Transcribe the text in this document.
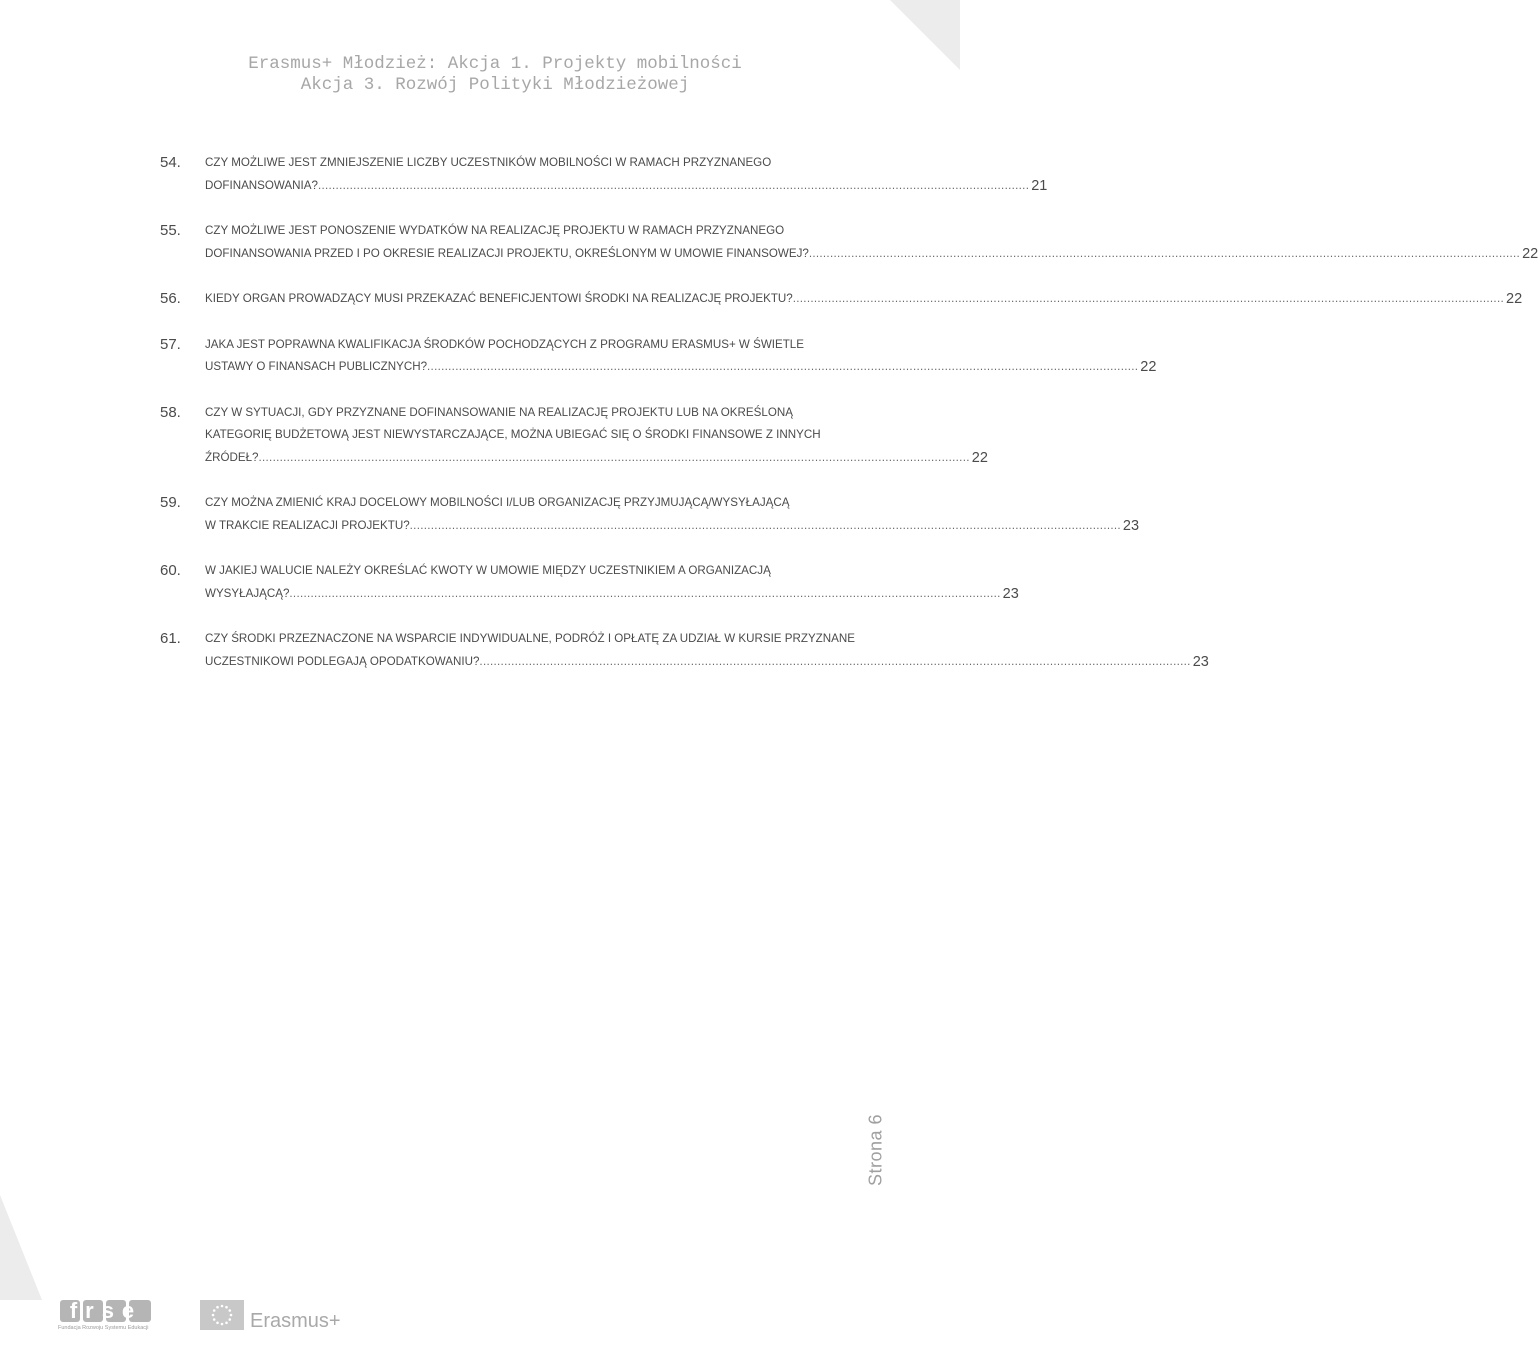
Erasmus+ Młodzież: Akcja 1. Projekty mobilności
Akcja 3. Rozwój Polityki Młodzieżowej
54. CZY MOŻLIWE JEST ZMNIEJSZENIE LICZBY UCZESTNIKÓW MOBILNOŚCI W RAMACH PRZYZNANEGO
DOFINANSOWANIA? .......................................................................................................................................................................................................... 21
55. CZY MOŻLIWE JEST PONOSZENIE WYDATKÓW NA REALIZACJĘ PROJEKTU W RAMACH PRZYZNANEGO
DOFINANSOWANIA PRZED I PO OKRESIE REALIZACJI PROJEKTU, OKREŚLONYM W UMOWIE FINANSOWEJ? .......................................................................................................................................................................................................... 22
56. KIEDY ORGAN PROWADZĄCY MUSI PRZEKAZAĆ BENEFICJENTOWI ŚRODKI NA REALIZACJĘ PROJEKTU? .......................................................................................................................................................................................................... 22
57. JAKA JEST POPRAWNA KWALIFIKACJA ŚRODKÓW POCHODZĄCYCH Z PROGRAMU ERASMUS+ W ŚWIETLE
USTAWY O FINANSACH PUBLICZNYCH? .......................................................................................................................................................................................................... 22
58. CZY W SYTUACJI, GDY PRZYZNANE DOFINANSOWANIE NA REALIZACJĘ PROJEKTU LUB NA OKREŚLONĄ
KATEGORIĘ BUDŻETOWĄ JEST NIEWYSTARCZAJĄCE, MOŻNA UBIEGAĆ SIĘ O ŚRODKI FINANSOWE Z INNYCH
ŹRÓDEŁ? .......................................................................................................................................................................................................... 22
59. CZY MOŻNA ZMIENIĆ KRAJ DOCELOWY MOBILNOŚCI I/LUB ORGANIZACJĘ PRZYJMUJĄCĄ/WYSYŁAJĄCĄ
W TRAKCIE REALIZACJI PROJEKTU? .......................................................................................................................................................................................................... 23
60. W JAKIEJ WALUCIE NALEŻY OKREŚLAĆ KWOTY W UMOWIE MIĘDZY UCZESTNIKIEM A ORGANIZACJĄ
WYSYŁAJĄCĄ? .......................................................................................................................................................................................................... 23
61. CZY ŚRODKI PRZEZNACZONE NA WSPARCIE INDYWIDUALNE, PODRÓŻ I OPŁATĘ ZA UDZIAŁ W KURSIE PRZYZNANE
UCZESTNIKOWI PODLEGAJĄ OPODATKOWANIU? .......................................................................................................................................................................................................... 23
Strona 6
frse
Fundacja Rozwoju Systemu Edukacji	Erasmus+
